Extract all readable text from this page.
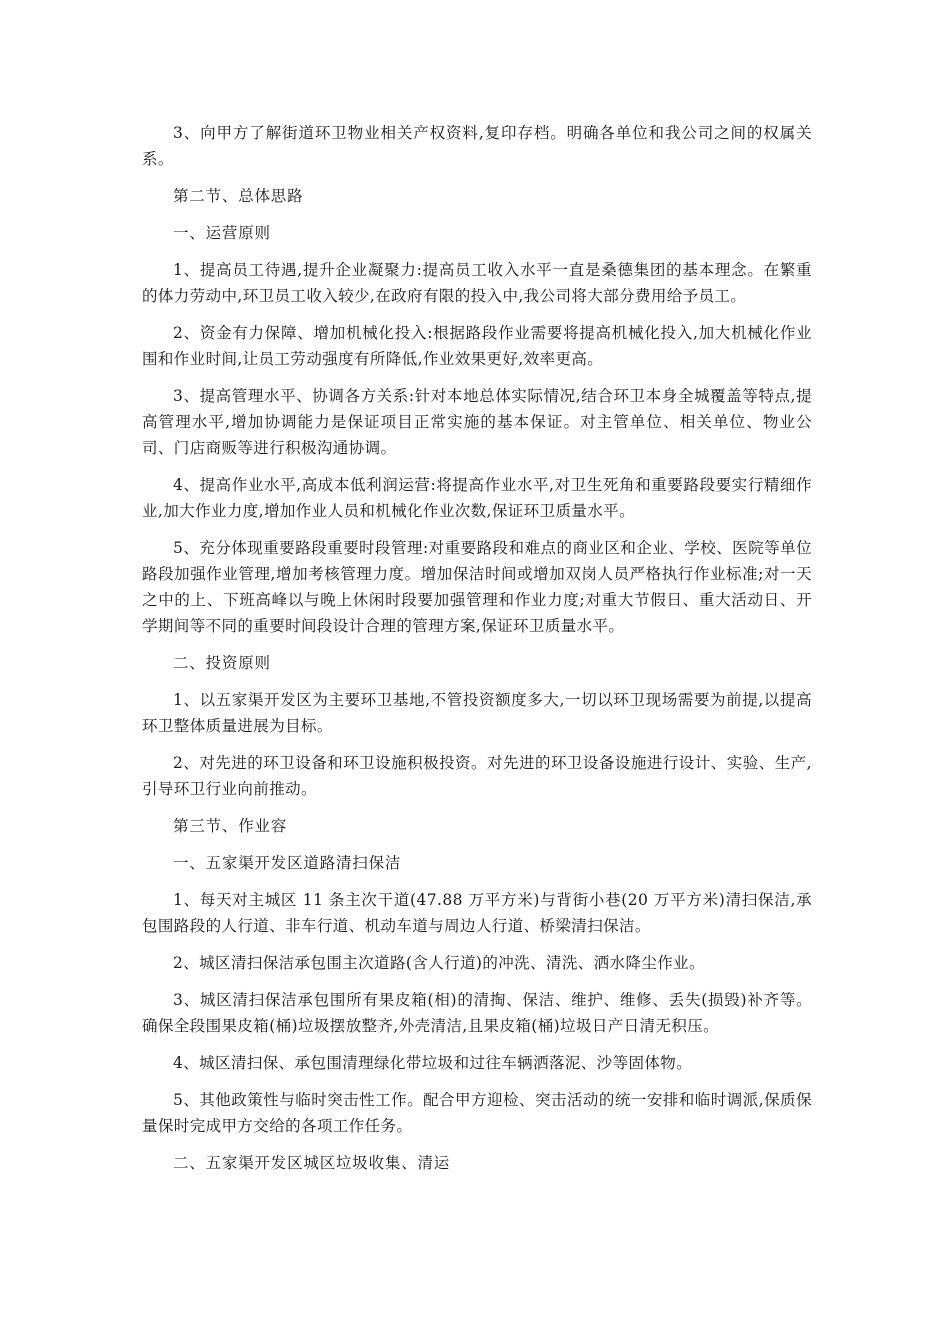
3、向甲方了解街道环卫物业相关产权资料,复印存档。明确各单位和我公司之间的权属关系。

第二节、总体思路

一、运营原则

1、提高员工待遇,提升企业凝聚力:提高员工收入水平一直是桑德集团的基本理念。在繁重的体力劳动中,环卫员工收入较少,在政府有限的投入中,我公司将大部分费用给予员工。

2、资金有力保障、增加机械化投入:根据路段作业需要将提高机械化投入,加大机械化作业围和作业时间,让员工劳动强度有所降低,作业效果更好,效率更高。

3、提高管理水平、协调各方关系:针对本地总体实际情况,结合环卫本身全城覆盖等特点,提高管理水平,增加协调能力是保证项目正常实施的基本保证。对主管单位、相关单位、物业公司、门店商贩等进行积极沟通协调。

4、提高作业水平,高成本低利润运营:将提高作业水平,对卫生死角和重要路段要实行精细作业,加大作业力度,增加作业人员和机械化作业次数,保证环卫质量水平。

5、充分体现重要路段重要时段管理:对重要路段和难点的商业区和企业、学校、医院等单位路段加强作业管理,增加考核管理力度。增加保洁时间或增加双岗人员严格执行作业标准;对一天之中的上、下班高峰以与晚上休闲时段要加强管理和作业力度;对重大节假日、重大活动日、开学期间等不同的重要时间段设计合理的管理方案,保证环卫质量水平。

二、投资原则

1、以五家渠开发区为主要环卫基地,不管投资额度多大,一切以环卫现场需要为前提,以提高环卫整体质量进展为目标。

2、对先进的环卫设备和环卫设施积极投资。对先进的环卫设备设施进行设计、实验、生产,引导环卫行业向前推动。

第三节、作业容

一、五家渠开发区道路清扫保洁

1、每天对主城区 11 条主次干道(47.88 万平方米)与背街小巷(20 万平方米)清扫保洁,承包围路段的人行道、非车行道、机动车道与周边人行道、桥梁清扫保洁。

2、城区清扫保洁承包围主次道路(含人行道)的冲洗、清洗、洒水降尘作业。

3、城区清扫保洁承包围所有果皮箱(相)的清掏、保洁、维护、维修、丢失(损毁)补齐等。确保全段围果皮箱(桶)垃圾摆放整齐,外壳清洁,且果皮箱(桶)垃圾日产日清无积压。

4、城区清扫保、承包围清理绿化带垃圾和过往车辆洒落泥、沙等固体物。

5、其他政策性与临时突击性工作。配合甲方迎检、突击活动的统一安排和临时调派,保质保量保时完成甲方交给的各项工作任务。

二、五家渠开发区城区垃圾收集、清运
